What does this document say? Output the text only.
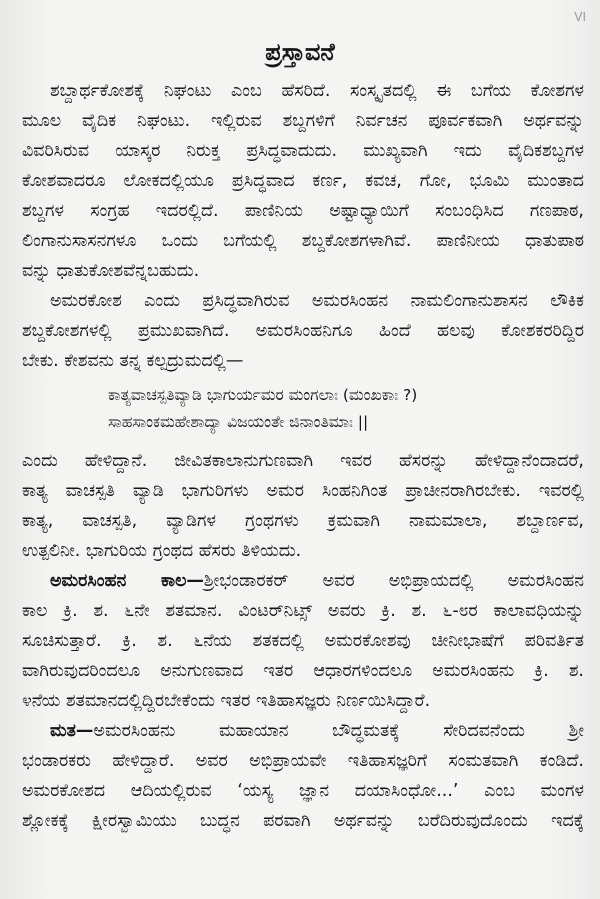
VI
ಪ್ರಸ್ತಾವನೆ
ಶಬ್ದಾರ್ಥಕೋಶಕ್ಕೆ ನಿಘಂಟು ಎಂಬ ಹೆಸರಿದೆ. ಸಂಸ್ಕೃತದಲ್ಲಿ ಈ ಬಗೆಯ ಕೋಶಗಳ
ಮೂಲ ವೈದಿಕ ನಿಘಂಟು. ಇಲ್ಲಿರುವ ಶಬ್ದಗಳಿಗೆ ನಿರ್ವಚನ ಪೂರ್ವಕವಾಗಿ ಅರ್ಥವನ್ನು
ವಿವರಿಸಿರುವ ಯಾಸ್ಕರ ನಿರುಕ್ತ ಪ್ರಸಿದ್ಧವಾದುದು. ಮುಖ್ಯವಾಗಿ ಇದು ವೈದಿಕಶಬ್ದಗಳ
ಕೋಶವಾದರೂ ಲೋಕದಲ್ಲಿಯೂ ಪ್ರಸಿದ್ಧವಾದ ಕರ್ಣ, ಕವಚ, ಗೋ, ಭೂಮಿ ಮುಂತಾದ
ಶಬ್ದಗಳ ಸಂಗ್ರಹ ಇದರಲ್ಲಿದೆ. ಪಾಣಿನಿಯ ಅಷ್ಟಾಧ್ಯಾಯಿಗೆ ಸಂಬಂಧಿಸಿದ ಗಣಪಾಠ,
ಲಿಂಗಾನುಸಾಸನಗಳೂ ಒಂದು ಬಗೆಯಲ್ಲಿ ಶಬ್ದಕೋಶಗಳಾಗಿವೆ. ಪಾಣಿನೀಯ ಧಾತುಪಾಠ
ವನ್ನು ಧಾತುಕೋಶವೆನ್ನಬಹುದು.
ಅಮರಕೋಶ ಎಂದು ಪ್ರಸಿದ್ಧವಾಗಿರುವ ಅಮರಸಿಂಹನ ನಾಮಲಿಂಗಾನುಶಾಸನ ಲೌಕಿಕ
ಶಬ್ದಕೋಶಗಳಲ್ಲಿ ಪ್ರಮುಖವಾಗಿದೆ. ಅಮರಸಿಂಹನಿಗೂ ಹಿಂದೆ ಹಲವು ಕೋಶಕರರಿದ್ದಿರ
ಬೇಕು. ಕೇಶವನು ತನ್ನ ಕಲ್ಪದ್ರುಮದಲ್ಲಿ—
ಕಾತ್ಯವಾಚಸ್ಪತಿವ್ಯಾಡಿ ಭಾಗುರ್ಯಮರ ಮಂಗಲಾಃ (ಮಂಖಕಾಃ ?)
ಸಾಹಸಾಂಕಮಹೇಶಾದ್ಯಾ ವಿಜಯಂತೇ ಜಿನಾಂತಿಮಾಃ ||
ಎಂದು ಹೇಳಿದ್ದಾನೆ. ಜೀವಿತಕಾಲಾನುಗುಣವಾಗಿ ಇವರ ಹೆಸರನ್ನು ಹೇಳಿದ್ದಾನೆಂದಾದರೆ,
ಕಾತ್ಯ ವಾಚಸ್ಪತಿ ವ್ಯಾಡಿ ಭಾಗುರಿಗಳು ಅಮರ ಸಿಂಹನಿಗಿಂತ ಪ್ರಾಚೀನರಾಗಿರಬೇಕು. ಇವರಲ್ಲಿ
ಕಾತ್ಯ, ವಾಚಸ್ಪತಿ, ವ್ಯಾಡಿಗಳ ಗ್ರಂಥಗಳು ಕ್ರಮವಾಗಿ ನಾಮಮಾಲಾ, ಶಬ್ದಾರ್ಣವ,
ಉತ್ಪಲಿನೀ. ಭಾಗುರಿಯ ಗ್ರಂಥದ ಹೆಸರು ತಿಳಿಯದು.
ಅಮರಸಿಂಹನ ಕಾಲ—ಶ್ರೀಭಂಡಾರಕರ್ ಅವರ ಅಭಿಪ್ರಾಯದಲ್ಲಿ ಅಮರಸಿಂಹನ
ಕಾಲ ಕ್ರಿ. ಶ. ೬ನೇ ಶತಮಾನ. ವಿಂಟರ್‌ನಿಟ್ಸ್ ಅವರು ಕ್ರಿ. ಶ. ೬-೮ರ ಕಾಲಾವಧಿಯನ್ನು
ಸೂಚಿಸುತ್ತಾರೆ. ಕ್ರಿ. ಶ. ೬ನೆಯ ಶತಕದಲ್ಲಿ ಅಮರಕೋಶವು ಚೀನೀಭಾಷೆಗೆ ಪರಿವರ್ತಿತ
ವಾಗಿರುವುದರಿಂದಲೂ ಅನುಗುಣವಾದ ಇತರ ಆಧಾರಗಳಿಂದಲೂ ಅಮರಸಿಂಹನು ಕ್ರಿ. ಶ.
೪ನೆಯ ಶತಮಾನದಲ್ಲಿದ್ದಿರಬೇಕೆಂದು ಇತರ ಇತಿಹಾಸಜ್ಞರು ನಿರ್ಣಯಿಸಿದ್ದಾರೆ.
ಮತ—ಅಮರಸಿಂಹನು ಮಹಾಯಾನ ಬೌದ್ಧಮತಕ್ಕೆ ಸೇರಿದವನೆಂದು ಶ್ರೀ
ಭಂಡಾರಕರು ಹೇಳಿದ್ದಾರೆ. ಅವರ ಅಭಿಪ್ರಾಯವೇ ಇತಿಹಾಸಜ್ಞರಿಗೆ ಸಂಮತವಾಗಿ ಕಂಡಿದೆ.
ಅಮರಕೋಶದ ಆದಿಯಲ್ಲಿರುವ ‘ಯಸ್ಯ ಜ್ಞಾನ ದಯಾಸಿಂಧೋ...’ ಎಂಬ ಮಂಗಳ
ಶ್ಲೋಕಕ್ಕೆ ಕ್ಷೀರಸ್ವಾಮಿಯು ಬುದ್ಧನ ಪರವಾಗಿ ಅರ್ಥವನ್ನು ಬರೆದಿರುವುದೊಂದು ಇದಕ್ಕೆ
